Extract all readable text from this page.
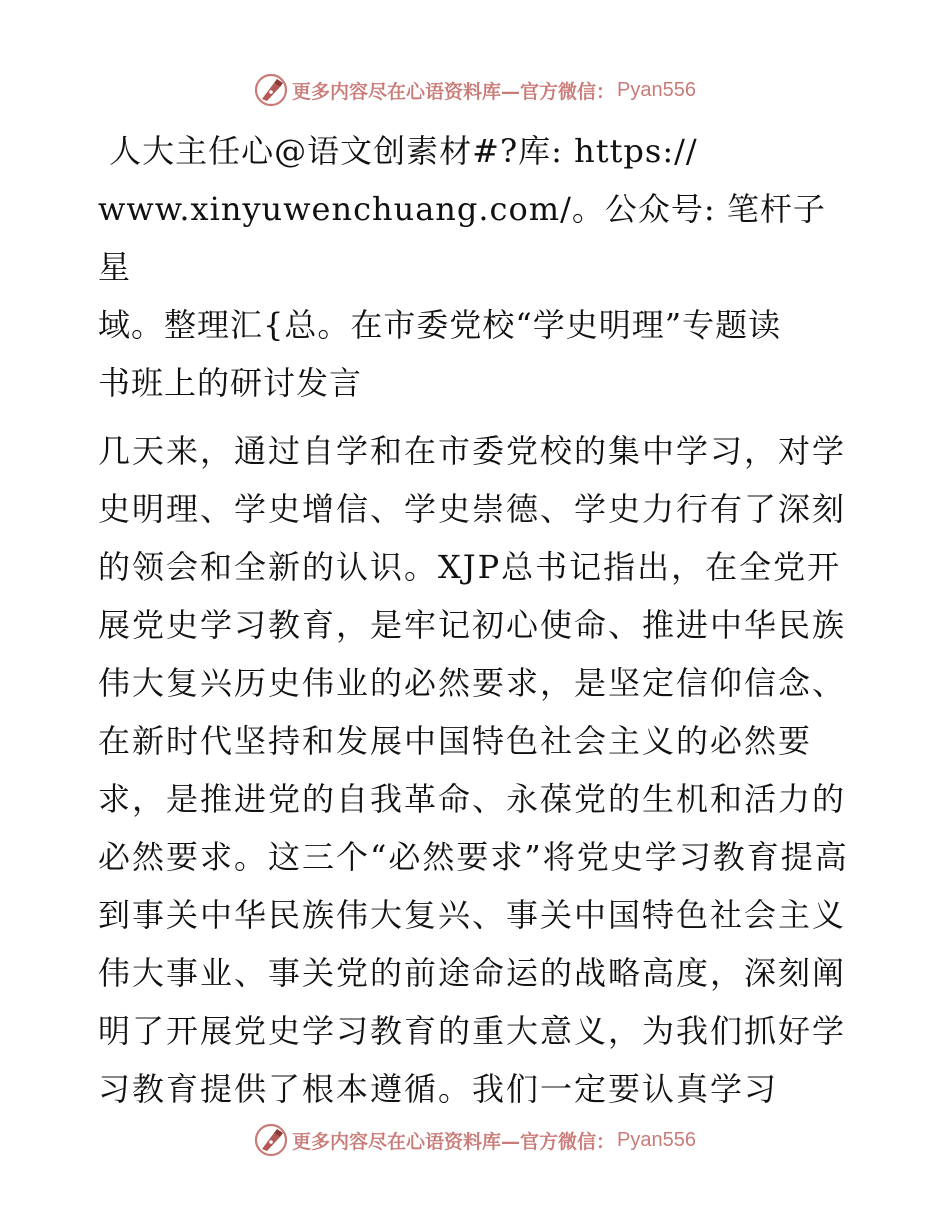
更多内容尽在心语资料库—官方微信： Pyan556
人大主任心@语文创素材#?库: https://
www.xinyuwenchuang.com/。公众号: 笔杆子星
域。整理汇{总。在市委党校“学史明理”专题读
书班上的研讨发言

几天来，通过自学和在市委党校的集中学习，对学史明理、学史增信、学史崇德、学史力行有了深刻的领会和全新的认识。XJP总书记指出，在全党开展党史学习教育，是牢记初心使命、推进中华民族伟大复兴历史伟业的必然要求，是坚定信仰信念、在新时代坚持和发展中国特色社会主义的必然要求，是推进党的自我革命、永葆党的生机和活力的必然要求。这三个“必然要求”将党史学习教育提高到事关中华民族伟大复兴、事关中国特色社会主义伟大事业、事关党的前途命运的战略高度，深刻阐明了开展党史学习教育的重大意义，为我们抓好学习教育提供了根本遵循。我们一定要认真学习

更多内容尽在心语资料库—官方微信： Pyan556
